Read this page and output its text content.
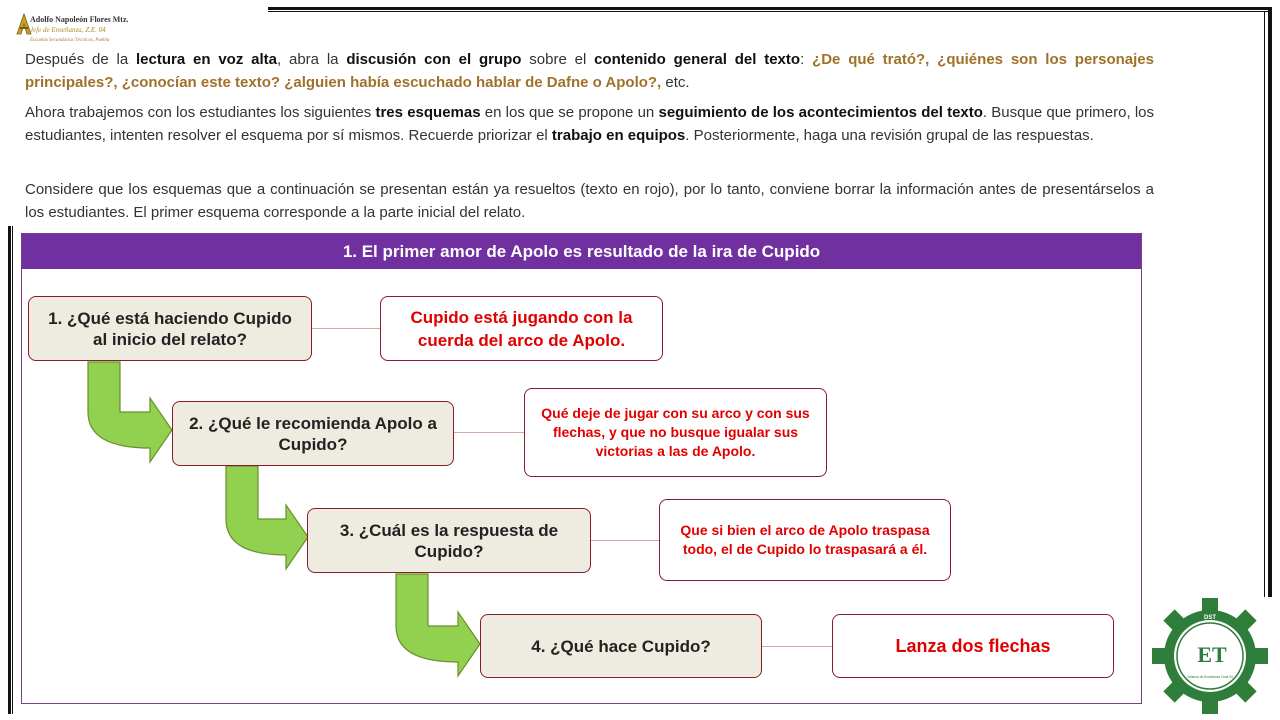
Adolfo Napoleón Flores Mtz.
Jefe de Enseñanza, Z.E. 04
Escuelas Secundarias Técnicas, Puebla

Después de la lectura en voz alta, abra la discusión con el grupo sobre el contenido general del texto: ¿De qué trató?, ¿quiénes son los personajes principales?, ¿conocían este texto? ¿alguien había escuchado hablar de Dafne o Apolo?, etc.

Ahora trabajemos con los estudiantes los siguientes tres esquemas en los que se propone un seguimiento de los acontecimientos del texto. Busque que primero, los estudiantes, intenten resolver el esquema por sí mismos. Recuerde priorizar el trabajo en equipos. Posteriormente, haga una revisión grupal de las respuestas.

Considere que los esquemas que a continuación se presentan están ya resueltos (texto en rojo), por lo tanto, conviene borrar la información antes de presentárselos a los estudiantes. El primer esquema corresponde a la parte inicial del relato.

1. El primer amor de Apolo es resultado de la ira de Cupido
1. ¿Qué está haciendo Cupido al inicio del relato?
2. ¿Qué le recomienda Apolo a Cupido?
3. ¿Cuál es la respuesta de Cupido?
4. ¿Qué hace Cupido?
Cupido está jugando con la cuerda del arco de Apolo.
Qué deje de jugar con su arco y con sus flechas, y que no busque igualar sus victorias a las de Apolo.
Que si bien el arco de Apolo traspasa todo, el de Cupido lo traspasará a él.
Lanza dos flechas
DST
ET
Jefatura de Enseñanza Zona 04
